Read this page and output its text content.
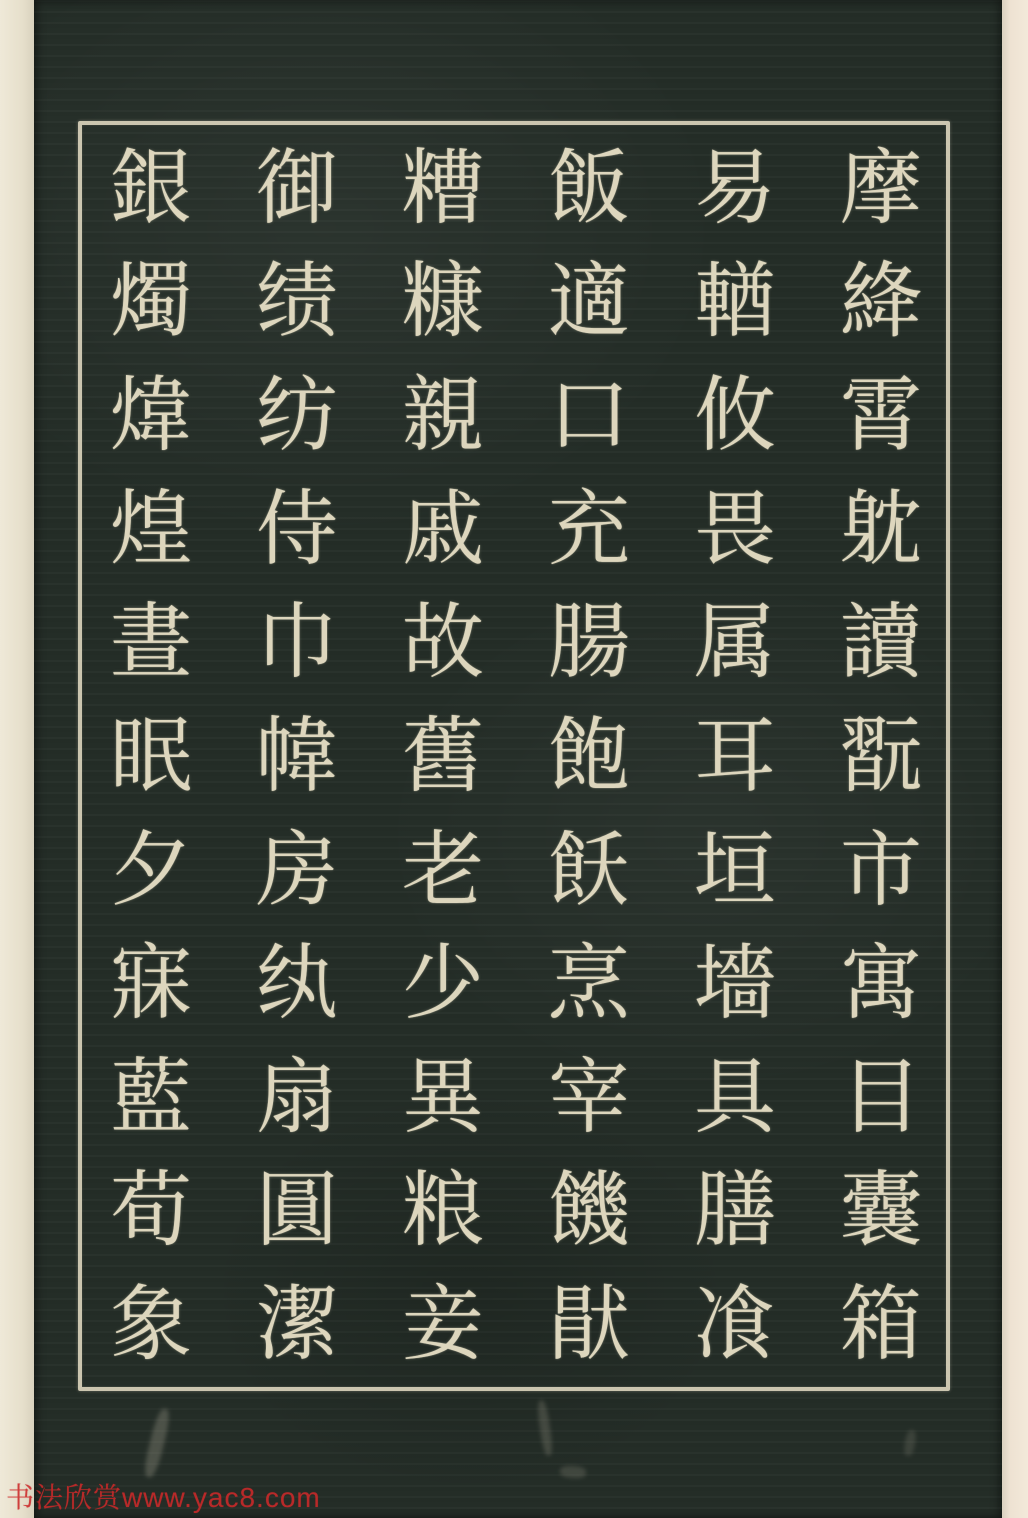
摩
絳
霄
躭
讀
翫
市
寓
目
囊
箱
易
輶
攸
畏
属
耳
垣
墻
具
膳
飡
飯
適
口
充
腸
飽
飫
烹
宰
饑
猒
糟
糠
親
戚
故
舊
老
少
異
粮
妾
御
绩
纺
侍
巾
幃
房
纨
扇
圓
潔
銀
燭
煒
煌
晝
眠
夕
寐
藍
荀
象
书法欣赏www.yac8.com
